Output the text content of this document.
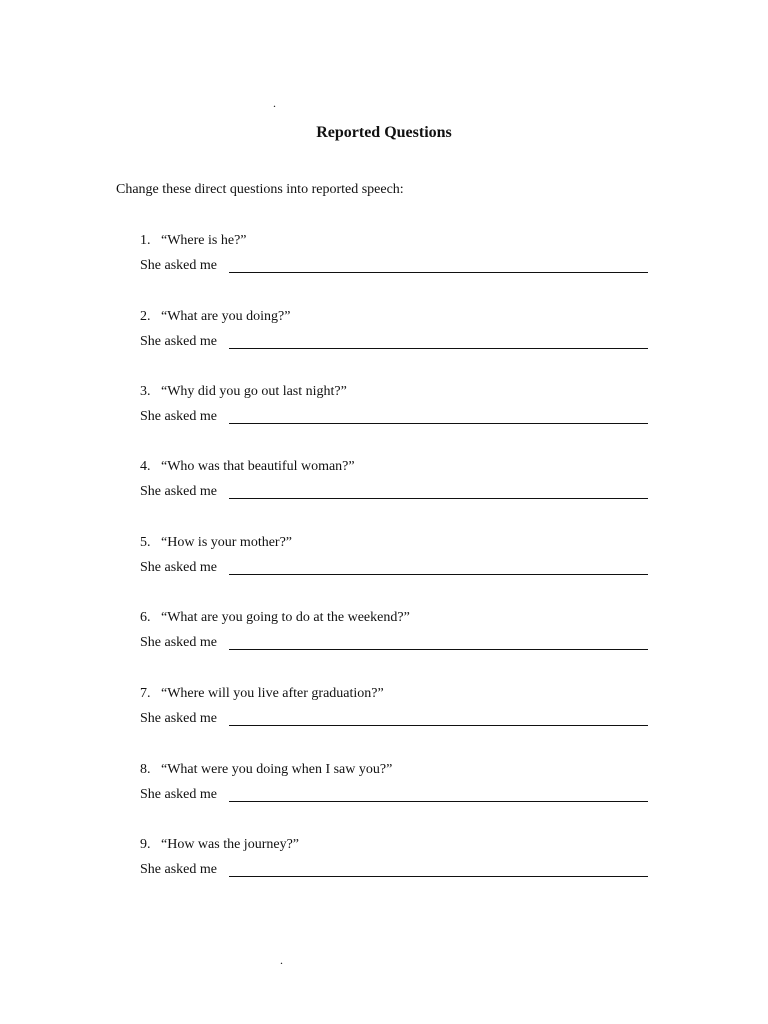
.
Reported Questions
Change these direct questions into reported speech:
1. “Where is he?”
She asked me
2. “What are you doing?”
She asked me
3. “Why did you go out last night?”
She asked me
4. “Who was that beautiful woman?”
She asked me
5. “How is your mother?”
She asked me
6. “What are you going to do at the weekend?”
She asked me
7. “Where will you live after graduation?”
She asked me
8. “What were you doing when I saw you?”
She asked me
9. “How was the journey?”
She asked me
.
